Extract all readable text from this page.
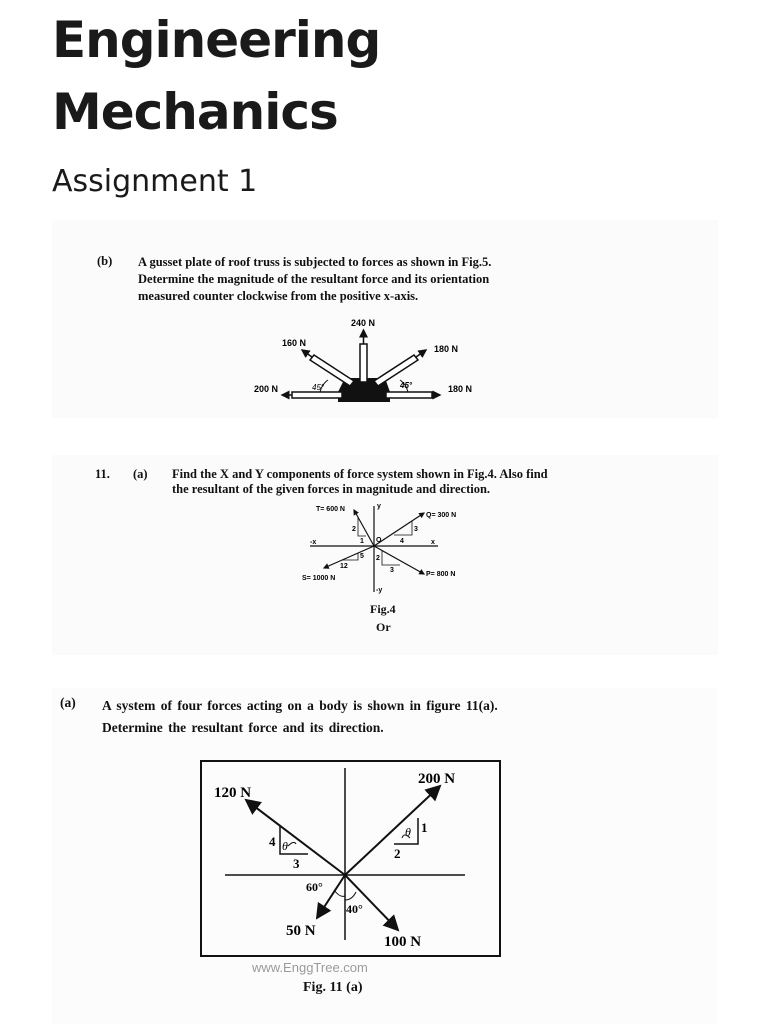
Engineering
Mechanics
Assignment 1
(b) A gusset plate of roof truss is subjected to forces as shown in Fig.5.
Determine the magnitude of the resultant force and its orientation
measured counter clockwise from the positive x-axis.
240 N
160 N
180 N
200 N	180 N
45°	45°
11. (a) Find the X and Y components of force system shown in Fig.4. Also find
the resultant of the given forces in magnitude and direction.
T= 600 N
Q= 300 N
S= 1000 N
P= 800 N
y
-y
x
-x	O
2
1
3
4
5
12
2
3
Fig.4
Or
(a) A system of four forces acting on a body is shown in figure 11(a).
Determine the resultant force and its direction.
120 N
200 N
50 N
100 N
4
3
1
2
θ
θ
60°
40°
www.EnggTree.com
Fig. 11 (a)
